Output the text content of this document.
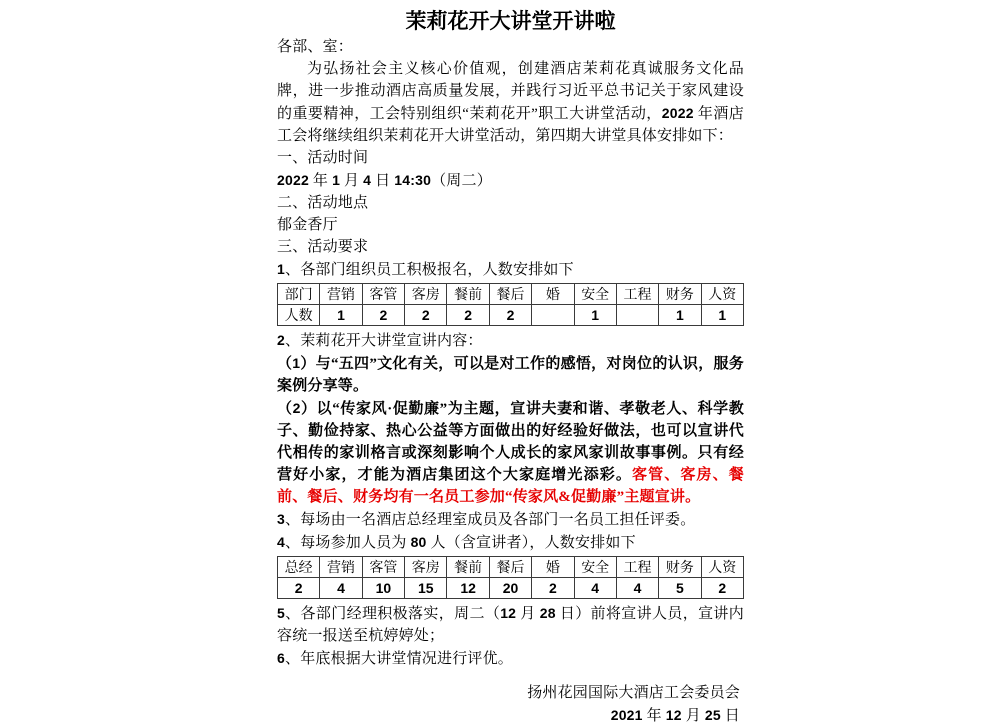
茉莉花开大讲堂开讲啦

各部、室：

为弘扬社会主义核心价值观，创建酒店茉莉花真诚服务文化品牌，进一步推动酒店高质量发展，并践行习近平总书记关于家风建设的重要精神，工会特别组织“茉莉花开”职工大讲堂活动，2022 年酒店工会将继续组织茉莉花开大讲堂活动，第四期大讲堂具体安排如下：

一、活动时间

2022 年 1 月 4 日 14:30（周二）

二、活动地点

郁金香厅

三、活动要求

1、各部门组织员工积极报名，人数安排如下

部门	营销	客管	客房	餐前	餐后	婚	安全	工程	财务	人资
人数	1	2	2	2	2		1		1	1

2、茉莉花开大讲堂宣讲内容：

（1）与“五四”文化有关，可以是对工作的感悟，对岗位的认识，服务案例分享等。

（2）以“传家风·促勤廉”为主题，宣讲夫妻和谐、孝敬老人、科学教子、勤俭持家、热心公益等方面做出的好经验好做法，也可以宣讲代代相传的家训格言或深刻影响个人成长的家风家训故事事例。只有经营好小家，才能为酒店集团这个大家庭增光添彩。客管、客房、餐前、餐后、财务均有一名员工参加“传家风&促勤廉”主题宣讲。

3、每场由一名酒店总经理室成员及各部门一名员工担任评委。

4、每场参加人员为 80 人（含宣讲者），人数安排如下

总经	营销	客管	客房	餐前	餐后	婚	安全	工程	财务	人资
2	4	10	15	12	20	2	4	4	5	2

5、各部门经理积极落实，周二（12 月 28 日）前将宣讲人员，宣讲内容统一报送至杭婷婷处；

6、年底根据大讲堂情况进行评优。

扬州花园国际大酒店工会委员会

2021 年 12 月 25 日
